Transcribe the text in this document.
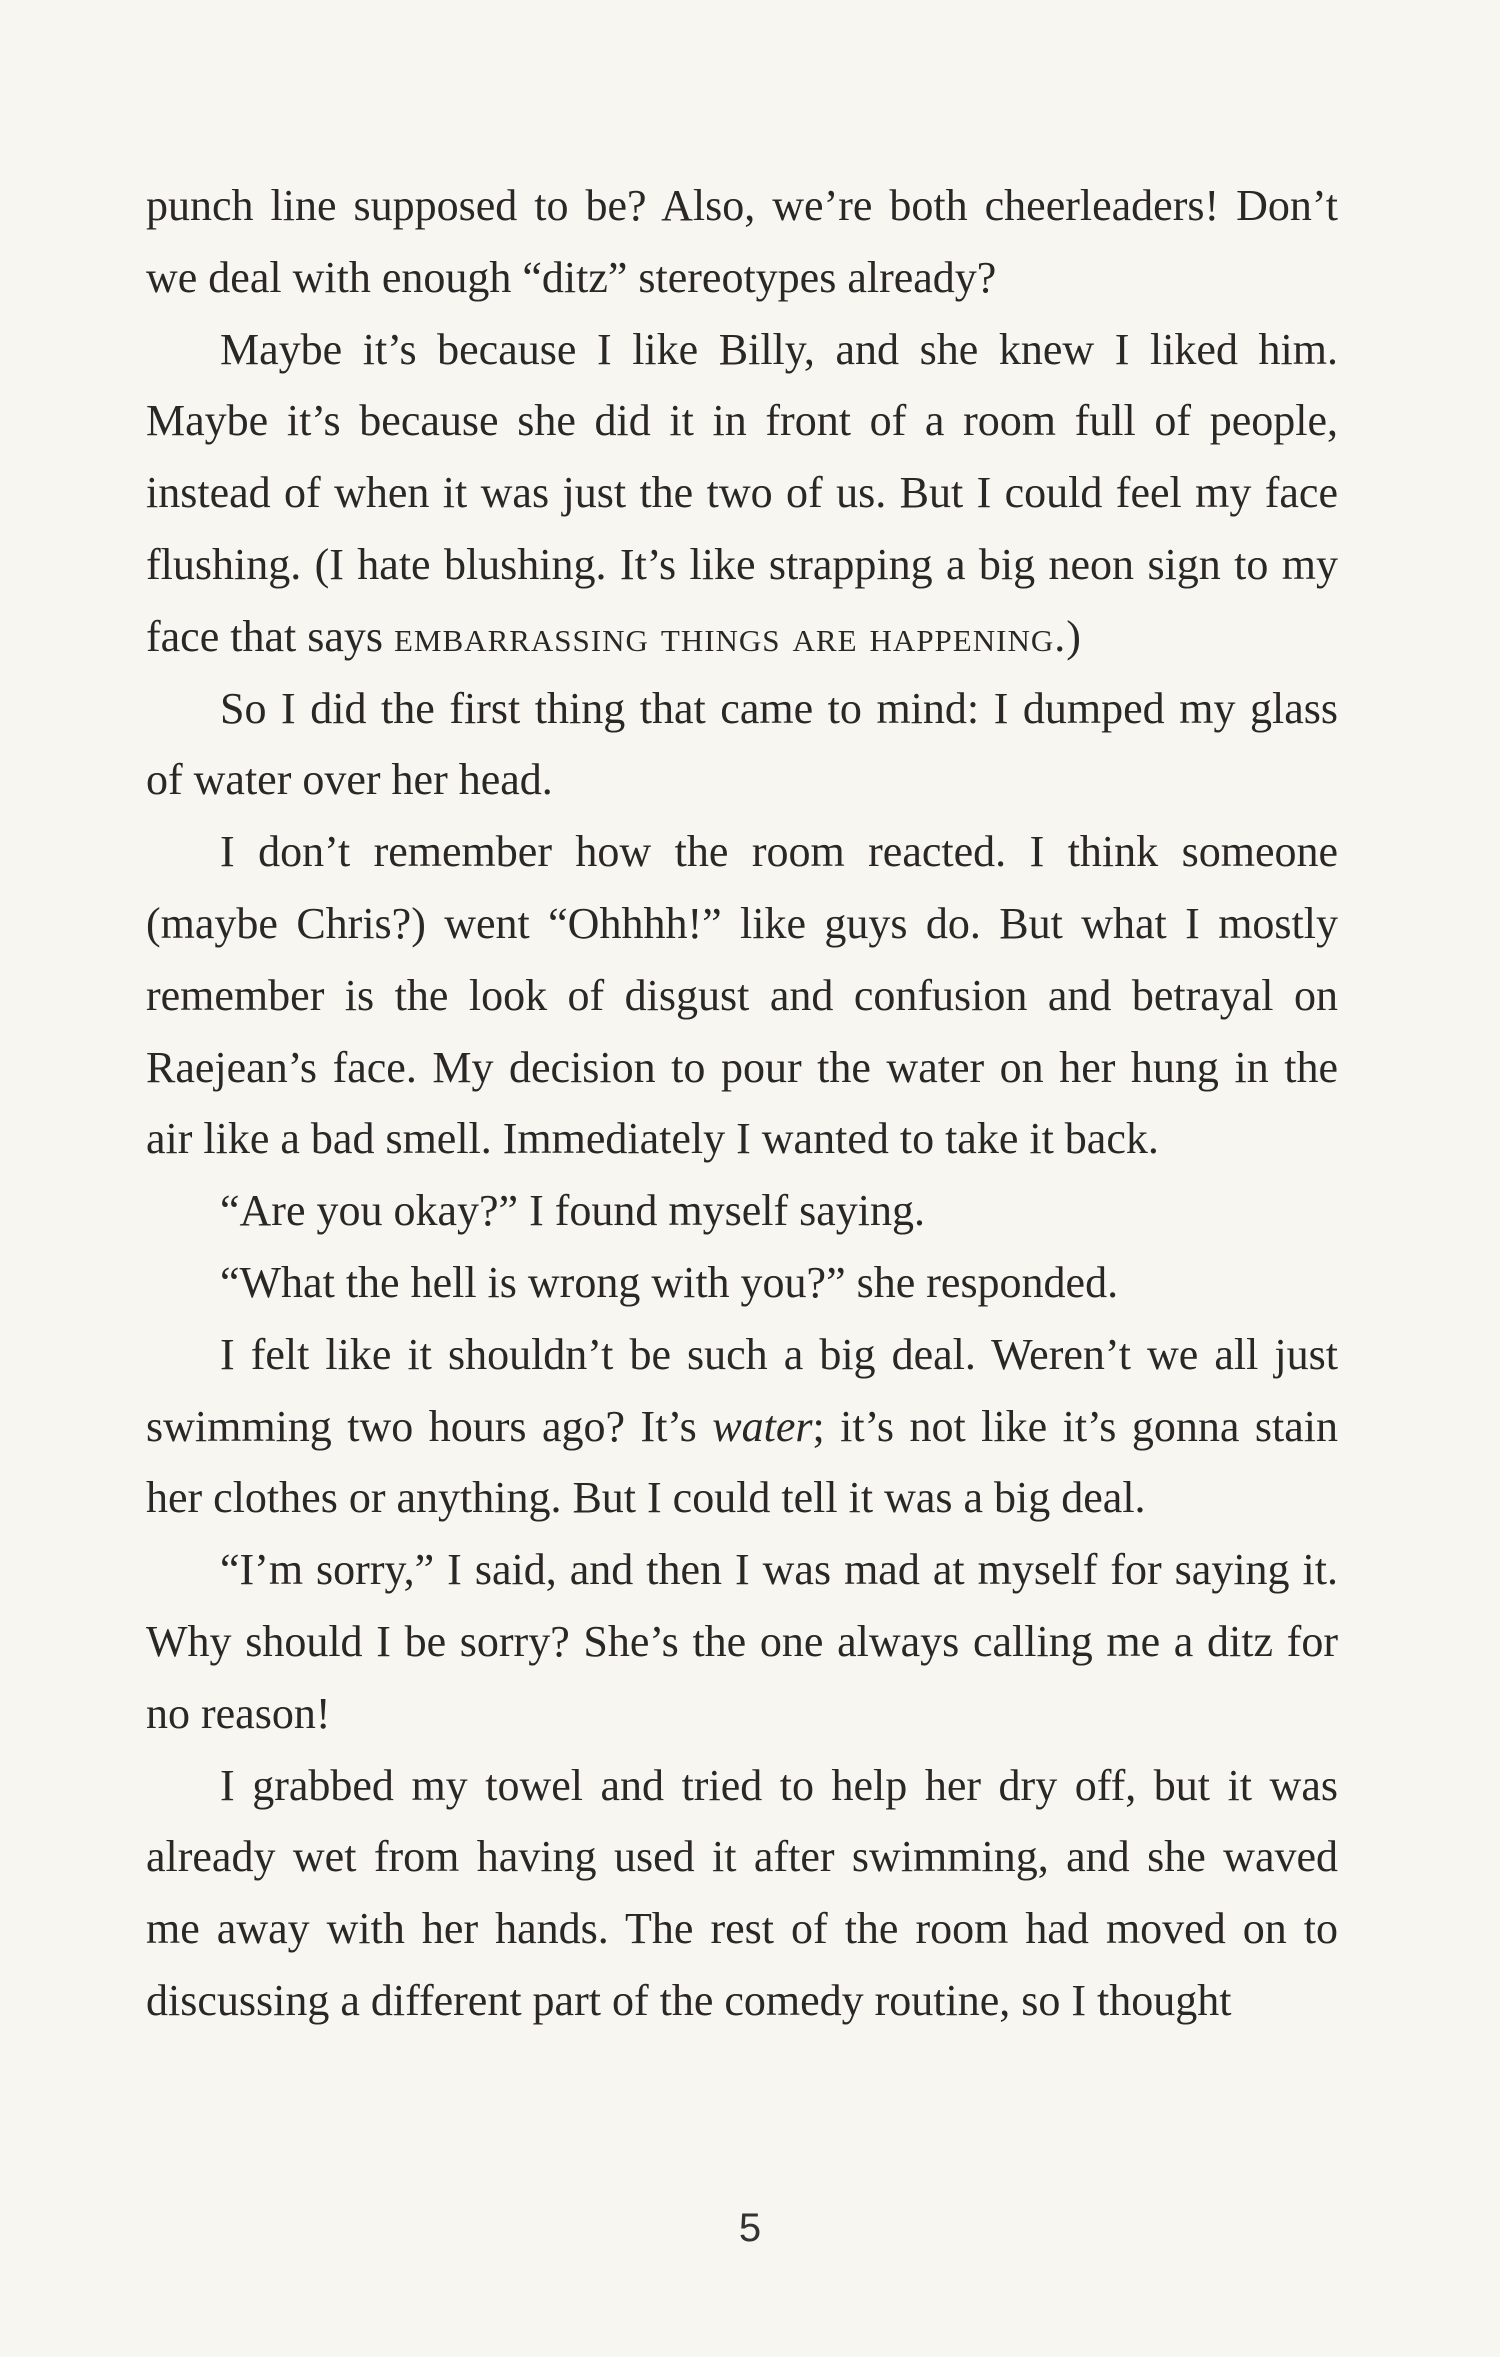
punch line supposed to be? Also, we’re both cheerleaders! Don’t we deal with enough “ditz” stereotypes already?

Maybe it’s because I like Billy, and she knew I liked him. Maybe it’s because she did it in front of a room full of people, instead of when it was just the two of us. But I could feel my face flushing. (I hate blushing. It’s like strapping a big neon sign to my face that says embarrassing things are happening.)

So I did the first thing that came to mind: I dumped my glass of water over her head.

I don’t remember how the room reacted. I think someone (maybe Chris?) went “Ohhhh!” like guys do. But what I mostly remember is the look of disgust and confusion and betrayal on Raejean’s face. My decision to pour the water on her hung in the air like a bad smell. Immediately I wanted to take it back.

“Are you okay?” I found myself saying.

“What the hell is wrong with you?” she responded.

I felt like it shouldn’t be such a big deal. Weren’t we all just swimming two hours ago? It’s water; it’s not like it’s gonna stain her clothes or anything. But I could tell it was a big deal.

“I’m sorry,” I said, and then I was mad at myself for saying it. Why should I be sorry? She’s the one always calling me a ditz for no reason!

I grabbed my towel and tried to help her dry off, but it was already wet from having used it after swimming, and she waved me away with her hands. The rest of the room had moved on to discussing a different part of the comedy routine, so I thought

5
